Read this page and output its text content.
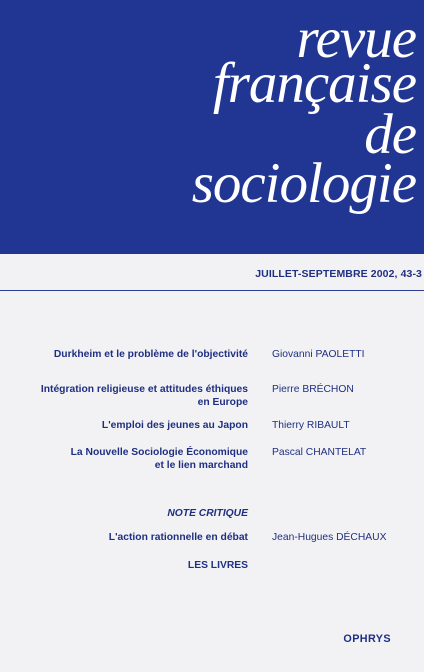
revue
française
de
sociologie
JUILLET-SEPTEMBRE 2002, 43-3
Durkheim et le problème de l'objectivité Giovanni PAOLETTI
Intégration religieuse et attitudes éthiques
en Europe
Pierre BRÉCHON
L'emploi des jeunes au Japon Thierry RIBAULT
La Nouvelle Sociologie Économique
et le lien marchand
Pascal CHANTELAT
NOTE CRITIQUE
L'action rationnelle en débat Jean-Hugues DÉCHAUX
LES LIVRES
OPHRYS
